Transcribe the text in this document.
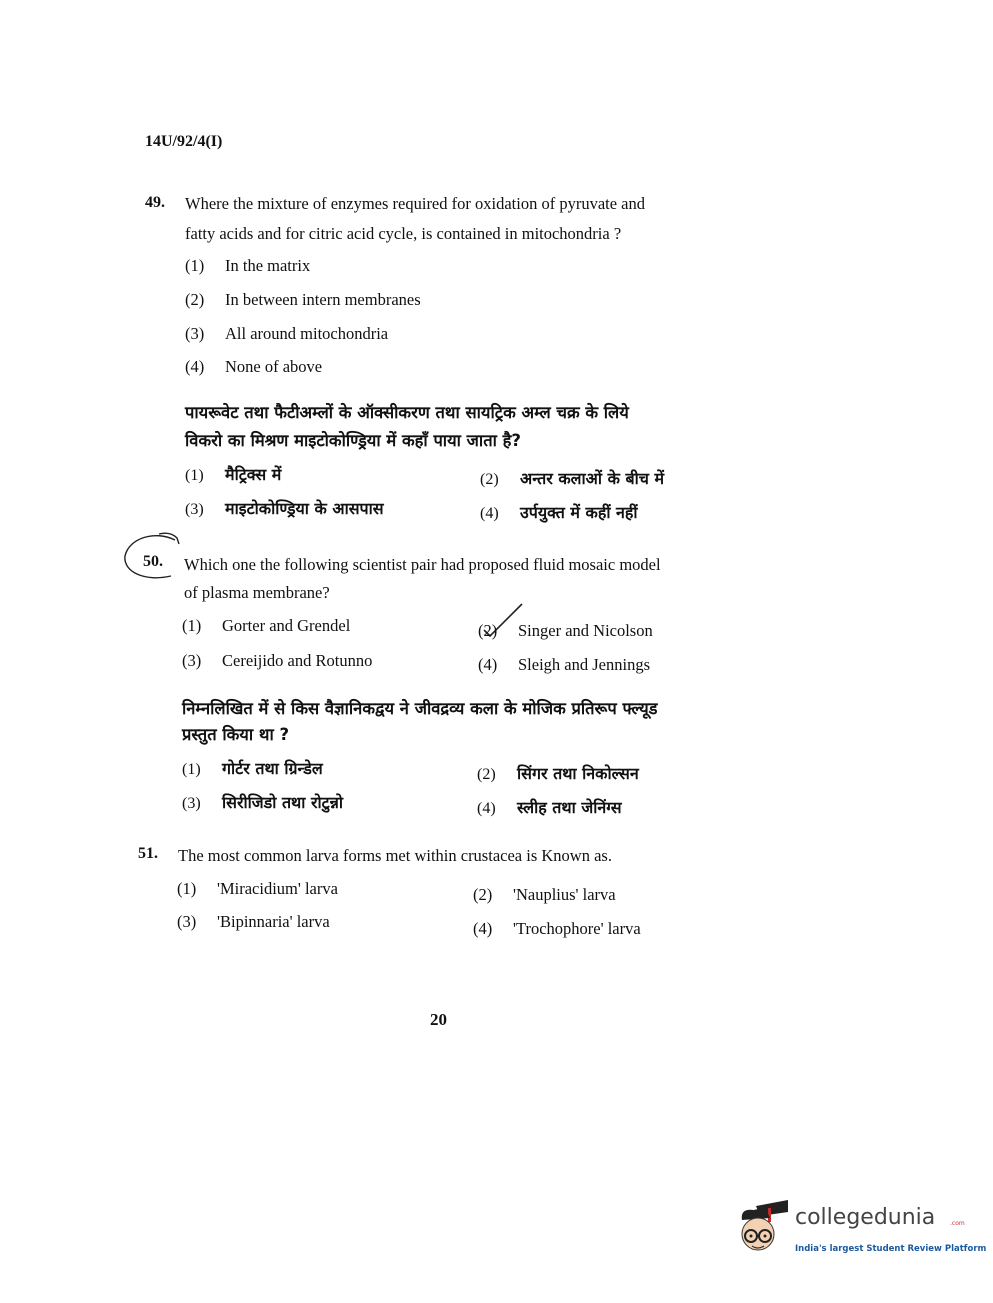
14U/92/4(I)
49. Where the mixture of enzymes required for oxidation of pyruvate and
fatty acids and for citric acid cycle, is contained in mitochondria ?
(1) In the matrix
(2) In between intern membranes
(3) All around mitochondria
(4) None of above
पायरूवेट तथा फैटीअम्लों के ऑक्सीकरण तथा सायट्रिक अम्ल चक्र के लिये
विकरो का मिश्रण माइटोकोण्ड्रिया में कहाँ पाया जाता है?
(1) मैट्रिक्स में	(2) अन्तर कलाओं के बीच में
(3) माइटोकोण्ड्रिया के आसपास	(4) उर्पयुक्त में कहीं नहीं
50. Which one the following scientist pair had proposed fluid mosaic model
of plasma membrane?
(1) Gorter and Grendel	(2) Singer and Nicolson
(3) Cereijido and Rotunno	(4) Sleigh and Jennings
निम्नलिखित में से किस वैज्ञानिकद्वय ने जीवद्रव्य कला के मोजिक प्रतिरूप फ्ल्यूड
प्रस्तुत किया था ?
(1) गोर्टर तथा ग्रिन्डेल	(2) सिंगर तथा निकोल्सन
(3) सिरीजिडो तथा रोटुन्नो	(4) स्लीह तथा जेनिंग्स
51. The most common larva forms met within crustacea is Known as.
(1) 'Miracidium' larva	(2) 'Nauplius' larva
(3) 'Bipinnaria' larva	(4) 'Trochophore' larva
20
collegedunia .com
India's largest Student Review Platform
